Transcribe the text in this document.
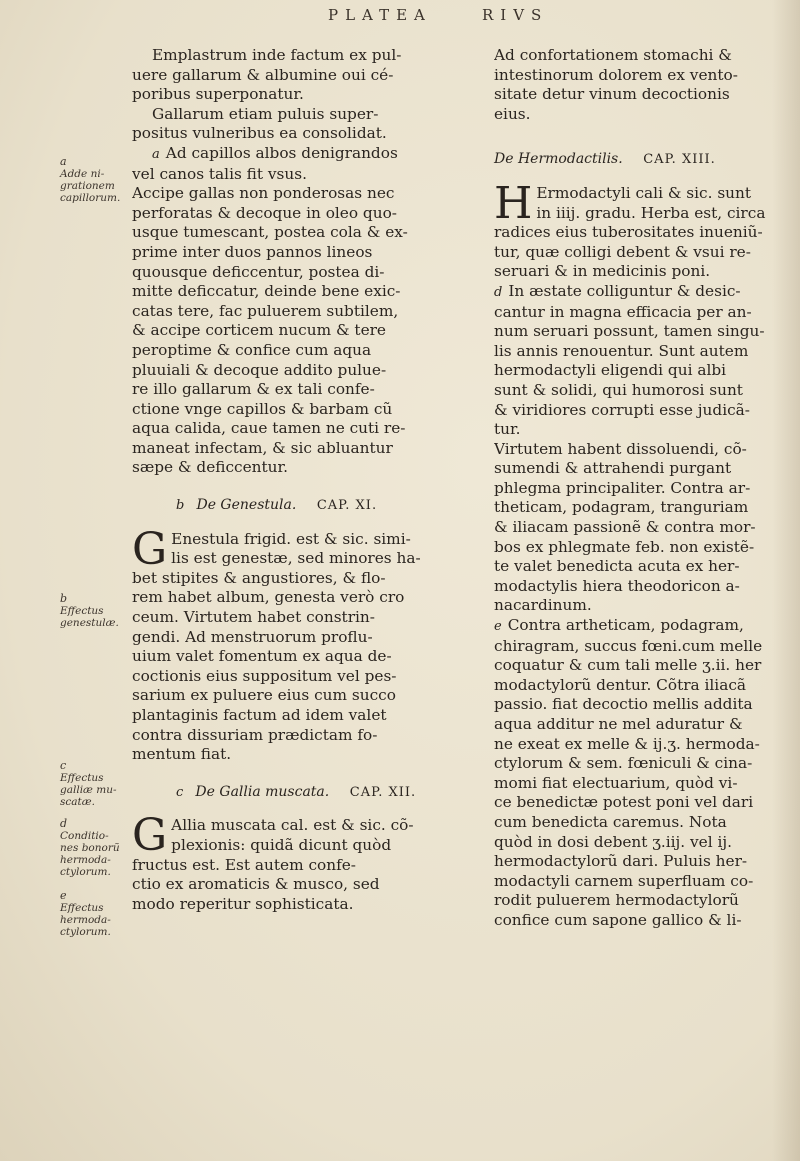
PLATEA	RIVS
a
Adde ni-
grationem
capillorum.
b
Effectus
genestulæ.
c
Effectus
galliæ mu-
scatæ.
d
Conditio-
nes bonorũ
hermoda-
ctylorum.
e
Effectus
hermoda-
ctylorum.
Emplastrum inde factum ex pul-
uere gallarum & albumine oui cé-
poribus superponatur.
Gallarum etiam puluis super-
positus vulneribus ea consolidat.
a Ad capillos albos denigrandos
vel canos talis fit vsus.
Accipe gallas non ponderosas nec
perforatas & decoque in oleo quo-
usque tumescant, postea cola & ex-
prime inter duos pannos lineos
quousque deficcentur, postea di-
mitte deficcatur, deinde bene exic-
catas tere, fac puluerem subtilem,
& accipe corticem nucum & tere
peroptime & confice cum aqua
pluuiali & decoque addito pulue-
re illo gallarum & ex tali confe-
ctione vnge capillos & barbam cũ
aqua calida, caue tamen ne cuti re-
maneat infectam, & sic abluantur
sæpe & deficcentur.
b De Genestula. CAP. XI.
G Enestula frigid. est & sic. simi-
lis est genestæ, sed minores ha-
bet stipites & angustiores, & flo-
rem habet album, genesta verò cro
ceum. Virtutem habet constrin-
gendi. Ad menstruorum proflu-
uium valet fomentum ex aqua de-
coctionis eius suppositum vel pes-
sarium ex puluere eius cum succo
plantaginis factum ad idem valet
contra dissuriam prædictam fo-
mentum fiat.
c De Gallia muscata. CAP. XII.
G Allia muscata cal. est & sic. cõ-
plexionis: quidã dicunt quòd
fructus est. Est autem confe-
ctio ex aromaticis & musco, sed
modo reperitur sophisticata.
Ad confortationem stomachi &
intestinorum dolorem ex vento-
sitate detur vinum decoctionis
eius.
De Hermodactilis. CAP. XIII.
H Ermodactyli cali & sic. sunt
in iiij. gradu. Herba est, circa
radices eius tuberositates inueniũ-
tur, quæ colligi debent & vsui re-
seruari & in medicinis poni.
d In æstate colliguntur & desic-
cantur in magna efficacia per an-
num seruari possunt, tamen singu-
lis annis renouentur. Sunt autem
hermodactyli eligendi qui albi
sunt & solidi, qui humorosi sunt
& viridiores corrupti esse judicã-
tur.
Virtutem habent dissoluendi, cõ-
sumendi & attrahendi purgant
phlegma principaliter. Contra ar-
theticam, podagram, tranguriam
& iliacam passionẽ & contra mor-
bos ex phlegmate feb. non existẽ-
te valet benedicta acuta ex her-
modactylis hiera theodoricon a-
nacardinum.
e Contra artheticam, podagram,
chiragram, succus fœni.cum melle
coquatur & cum tali melle ʒ.ii. her
modactylorũ dentur. Cõtra iliacã
passio. fiat decoctio mellis addita
aqua additur ne mel aduratur &
ne exeat ex melle & ij.ʒ. hermoda-
ctylorum & sem. fœniculi & cina-
momi fiat electuarium, quòd vi-
ce benedictæ potest poni vel dari
cum benedicta caremus. Nota
quòd in dosi debent ʒ.iij. vel ij.
hermodactylorũ dari. Puluis her-
modactyli carnem superfluam co-
rodit puluerem hermodactylorũ
confice cum sapone gallico & li-
